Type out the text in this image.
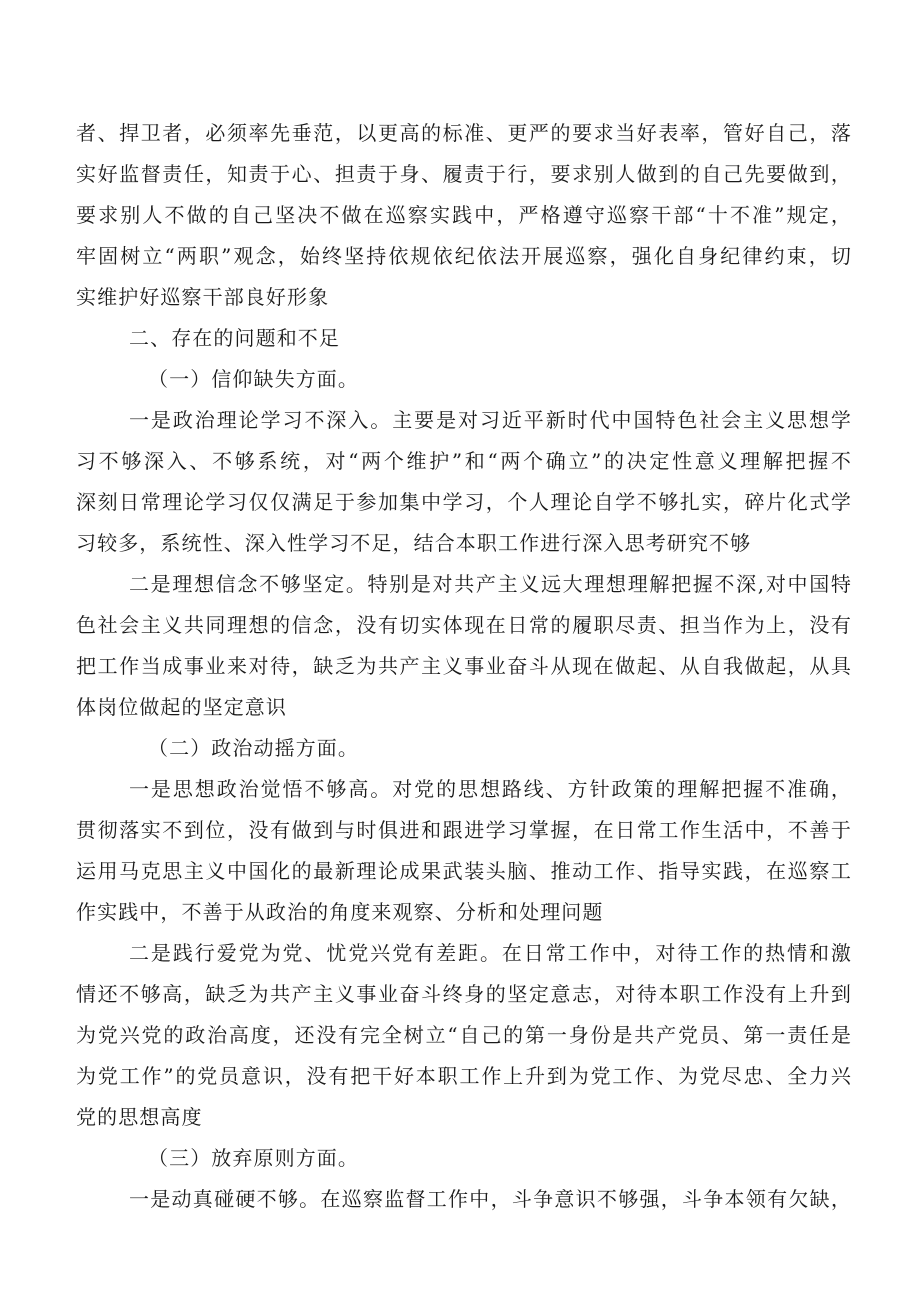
者、捍卫者，必须率先垂范，以更高的标准、更严的要求当好表率，管好自己，落
实好监督责任，知责于心、担责于身、履责于行，要求别人做到的自己先要做到，
要求别人不做的自己坚决不做在巡察实践中，严格遵守巡察干部“十不准”规定，
牢固树立“两职”观念，始终坚持依规依纪依法开展巡察，强化自身纪律约束，切
实维护好巡察干部良好形象
二、存在的问题和不足
（一）信仰缺失方面。
一是政治理论学习不深入。主要是对习近平新时代中国特色社会主义思想学
习不够深入、不够系统，对“两个维护”和“两个确立”的决定性意义理解把握不
深刻日常理论学习仅仅满足于参加集中学习，个人理论自学不够扎实，碎片化式学
习较多，系统性、深入性学习不足，结合本职工作进行深入思考研究不够
二是理想信念不够坚定。特别是对共产主义远大理想理解把握不深,对中国特
色社会主义共同理想的信念，没有切实体现在日常的履职尽责、担当作为上，没有
把工作当成事业来对待，缺乏为共产主义事业奋斗从现在做起、从自我做起，从具
体岗位做起的坚定意识
（二）政治动摇方面。
一是思想政治觉悟不够高。对党的思想路线、方针政策的理解把握不准确，
贯彻落实不到位，没有做到与时俱进和跟进学习掌握，在日常工作生活中，不善于
运用马克思主义中国化的最新理论成果武装头脑、推动工作、指导实践，在巡察工
作实践中，不善于从政治的角度来观察、分析和处理问题
二是践行爱党为党、忧党兴党有差距。在日常工作中，对待工作的热情和激
情还不够高，缺乏为共产主义事业奋斗终身的坚定意志，对待本职工作没有上升到
为党兴党的政治高度，还没有完全树立“自己的第一身份是共产党员、第一责任是
为党工作”的党员意识，没有把干好本职工作上升到为党工作、为党尽忠、全力兴
党的思想高度
（三）放弃原则方面。
一是动真碰硬不够。在巡察监督工作中，斗争意识不够强，斗争本领有欠缺，
